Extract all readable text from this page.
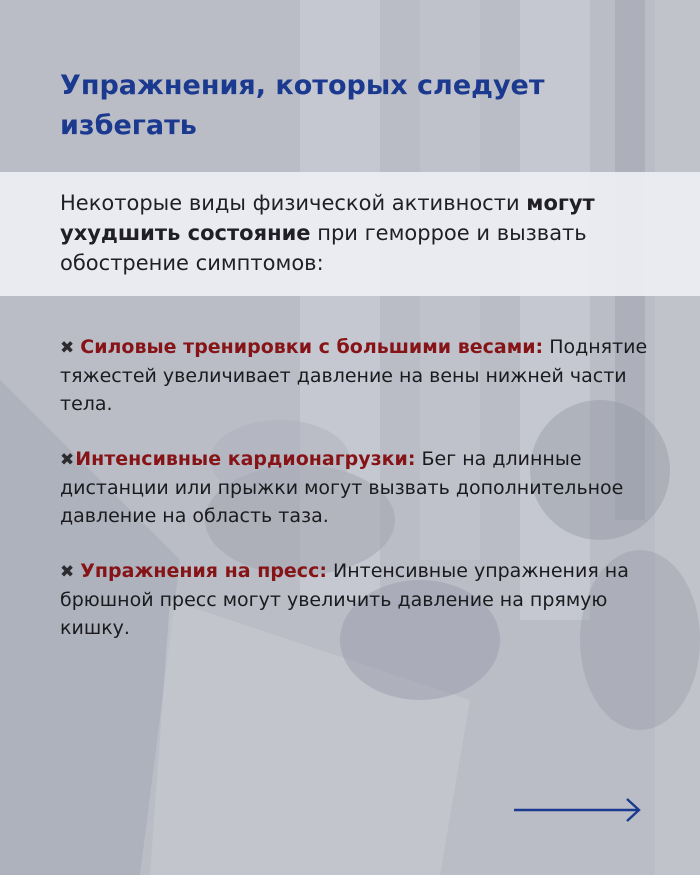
Упражнения, которых следует избегать

Некоторые виды физической активности могут ухудшить состояние при геморрое и вызвать обострение симптомов:

✖ Силовые тренировки с большими весами: Поднятие тяжестей увеличивает давление на вены нижней части тела.

✖Интенсивные кардионагрузки: Бег на длинные дистанции или прыжки могут вызвать дополнительное давление на область таза.

✖ Упражнения на пресс: Интенсивные упражнения на брюшной пресс могут увеличить давление на прямую кишку.
